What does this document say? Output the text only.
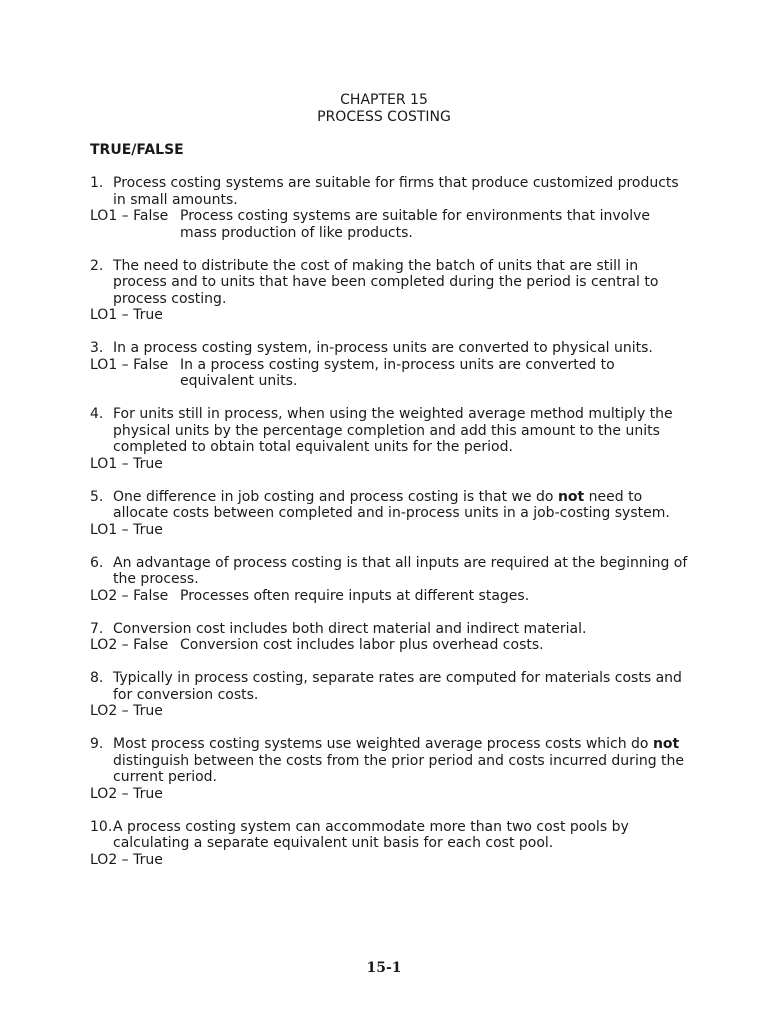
CHAPTER 15
PROCESS COSTING
TRUE/FALSE
1. Process costing systems are suitable for firms that produce customized products in small amounts.
LO1 – False Process costing systems are suitable for environments that involve mass production of like products.
2. The need to distribute the cost of making the batch of units that are still in process and to units that have been completed during the period is central to process costing.
LO1 – True
3. In a process costing system, in-process units are converted to physical units.
LO1 – False In a process costing system, in-process units are converted to equivalent units.
4. For units still in process, when using the weighted average method multiply the physical units by the percentage completion and add this amount to the units completed to obtain total equivalent units for the period.
LO1 – True
5. One difference in job costing and process costing is that we do not need to allocate costs between completed and in-process units in a job-costing system.
LO1 – True
6. An advantage of process costing is that all inputs are required at the beginning of the process.
LO2 – False Processes often require inputs at different stages.
7. Conversion cost includes both direct material and indirect material.
LO2 – False Conversion cost includes labor plus overhead costs.
8. Typically in process costing, separate rates are computed for materials costs and for conversion costs.
LO2 – True
9. Most process costing systems use weighted average process costs which do not distinguish between the costs from the prior period and costs incurred during the current period.
LO2 – True
10. A process costing system can accommodate more than two cost pools by calculating a separate equivalent unit basis for each cost pool.
LO2 – True
15-1
